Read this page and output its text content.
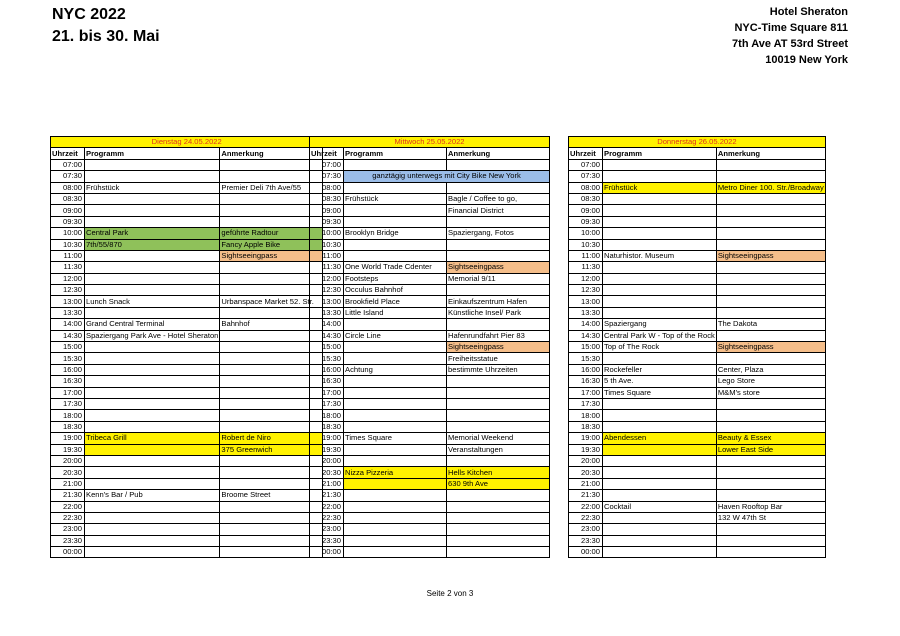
NYC 2022
21. bis 30. Mai
Hotel Sheraton
NYC-Time Square 811
7th Ave AT 53rd Street
10019 New York
Dienstag 24.05.2022		
Uhrzeit	Programm	Anmerkung
07:00		
07:30		
08:00	Frühstück	Premier Deli 7th Ave/55
08:30		
09:00		
09:30		
10:00	Central Park	geführte Radtour
10:30	7th/55/870	Fancy Apple Bike
11:00		Sightseeingpass
11:30		
12:00		
12:30		
13:00	Lunch Snack	Urbanspace Market 52. Str.
13:30		
14:00	Grand Central Terminal	Bahnhof
14:30	Spaziergang Park Ave - Hotel Sheraton	
15:00		
15:30		
16:00		
16:30		
17:00		
17:30		
18:00		
18:30		
19:00	Tribeca Grill	Robert de Niro
19:30		375 Greenwich
20:00		
20:30		
21:00		
21:30	Kenn's Bar / Pub	Broome Street
22:00		
22:30		
23:00		
23:30		
00:00		
Mittwoch 25.05.2022		
Uhrzeit	Programm	Anmerkung
07:00		
07:30	ganztägig unterwegs mit City Bike New York	
08:00		
08:30	Frühstück	Bagle / Coffee to go,
09:00		Financial District
09:30		
10:00	Brooklyn Bridge	Spaziergang, Fotos
10:30		
11:00		
11:30	One World Trade Cdenter	Sightseeingpass
12:00	Footsteps	Memorial 9/11
12:30	Occulus Bahnhof	
13:00	Brookfield Place	Einkaufszentrum Hafen
13:30	Little Island	Künstliche Insel/ Park
14:00		
14:30	Circle Line	Hafenrundfahrt Pier 83
15:00		Sightseeingpass
15:30		Freiheitsstatue
16:00	Achtung	bestimmte Uhrzeiten
16:30		
17:00		
17:30		
18:00		
18:30		
19:00	Times Square	Memorial Weekend
19:30		Veranstaltungen
20:00		
20:30	Nizza Pizzeria	Hells Kitchen
21:00		630 9th Ave
21:30		
22:00		
22:30		
23:00		
23:30		
00:00		
Donnerstag 26.05.2022		
Uhrzeit	Programm	Anmerkung
07:00		
07:30		
08:00	Frühstück	Metro Diner 100. Str./Broadway
08:30		
09:00		
09:30		
10:00		
10:30		
11:00	Naturhistor. Museum	Sightseeingpass
11:30		
12:00		
12:30		
13:00		
13:30		
14:00	Spaziergang	The Dakota
14:30	Central Park W - Top of the Rock	
15:00	Top of The Rock	Sightseeingpass
15:30		
16:00	Rockefeller	Center, Plaza
16:30	5 th Ave.	Lego Store
17:00	Times Square	M&M's store
17:30		
18:00		
18:30		
19:00	Abendessen	Beauty & Essex
19:30		Lower East Side
20:00		
20:30		
21:00		
21:30		
22:00	Cocktail	Haven Rooftop Bar
22:30		132 W 47th St
23:00		
23:30		
00:00		
Seite 2 von 3
